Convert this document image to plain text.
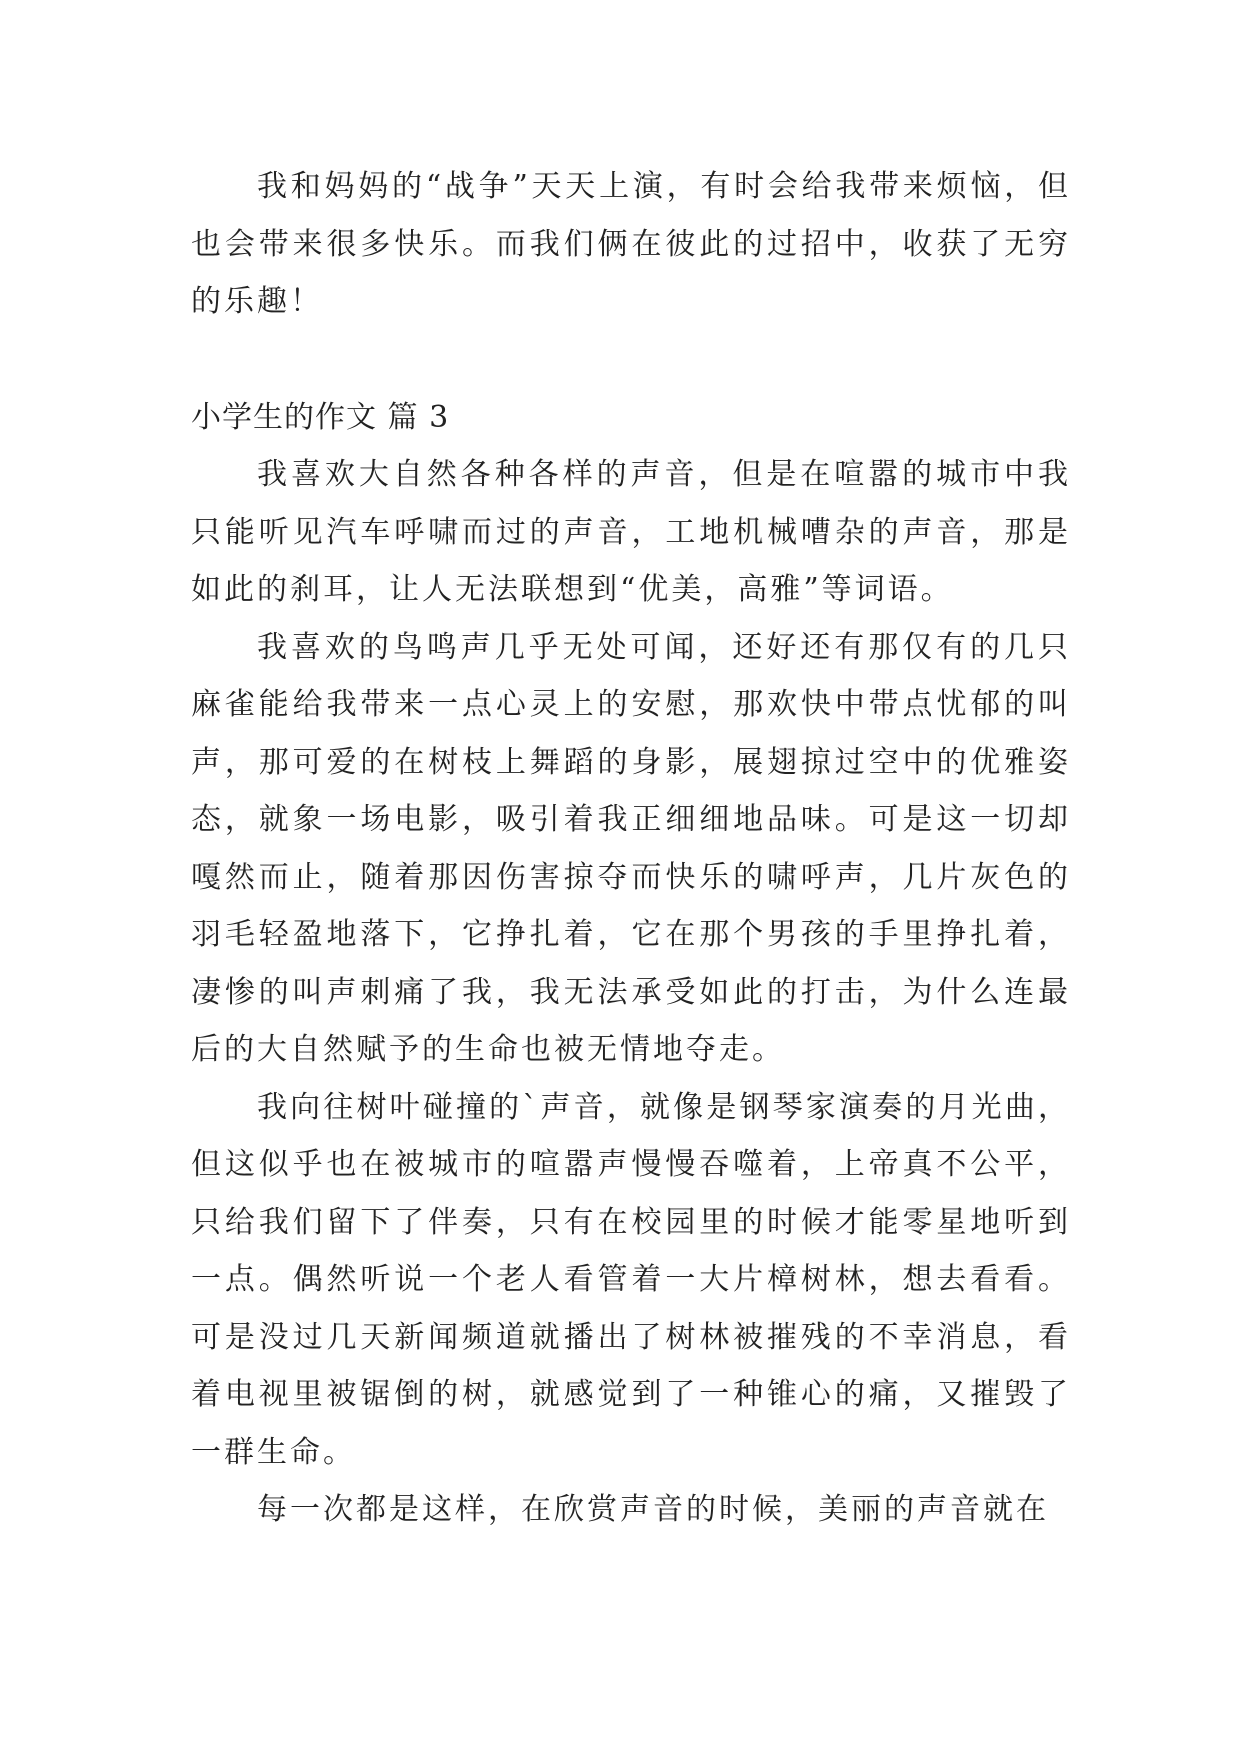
我和妈妈的“战争”天天上演，有时会给我带来烦恼，但也会带来很多快乐。而我们俩在彼此的过招中，收获了无穷的乐趣！

小学生的作文 篇 3

我喜欢大自然各种各样的声音，但是在喧嚣的城市中我只能听见汽车呼啸而过的声音，工地机械嘈杂的声音，那是如此的刹耳，让人无法联想到“优美，高雅”等词语。

我喜欢的鸟鸣声几乎无处可闻，还好还有那仅有的几只麻雀能给我带来一点心灵上的安慰，那欢快中带点忧郁的叫声，那可爱的在树枝上舞蹈的身影，展翅掠过空中的优雅姿态，就象一场电影，吸引着我正细细地品味。可是这一切却嘎然而止，随着那因伤害掠夺而快乐的啸呼声，几片灰色的羽毛轻盈地落下，它挣扎着，它在那个男孩的手里挣扎着，凄惨的叫声刺痛了我，我无法承受如此的打击，为什么连最后的大自然赋予的生命也被无情地夺走。

我向往树叶碰撞的`声音，就像是钢琴家演奏的月光曲，但这似乎也在被城市的喧嚣声慢慢吞噬着，上帝真不公平，只给我们留下了伴奏，只有在校园里的时候才能零星地听到一点。偶然听说一个老人看管着一大片樟树林，想去看看。可是没过几天新闻频道就播出了树林被摧残的不幸消息，看着电视里被锯倒的树，就感觉到了一种锥心的痛，又摧毁了一群生命。

每一次都是这样，在欣赏声音的时候，美丽的声音就在
